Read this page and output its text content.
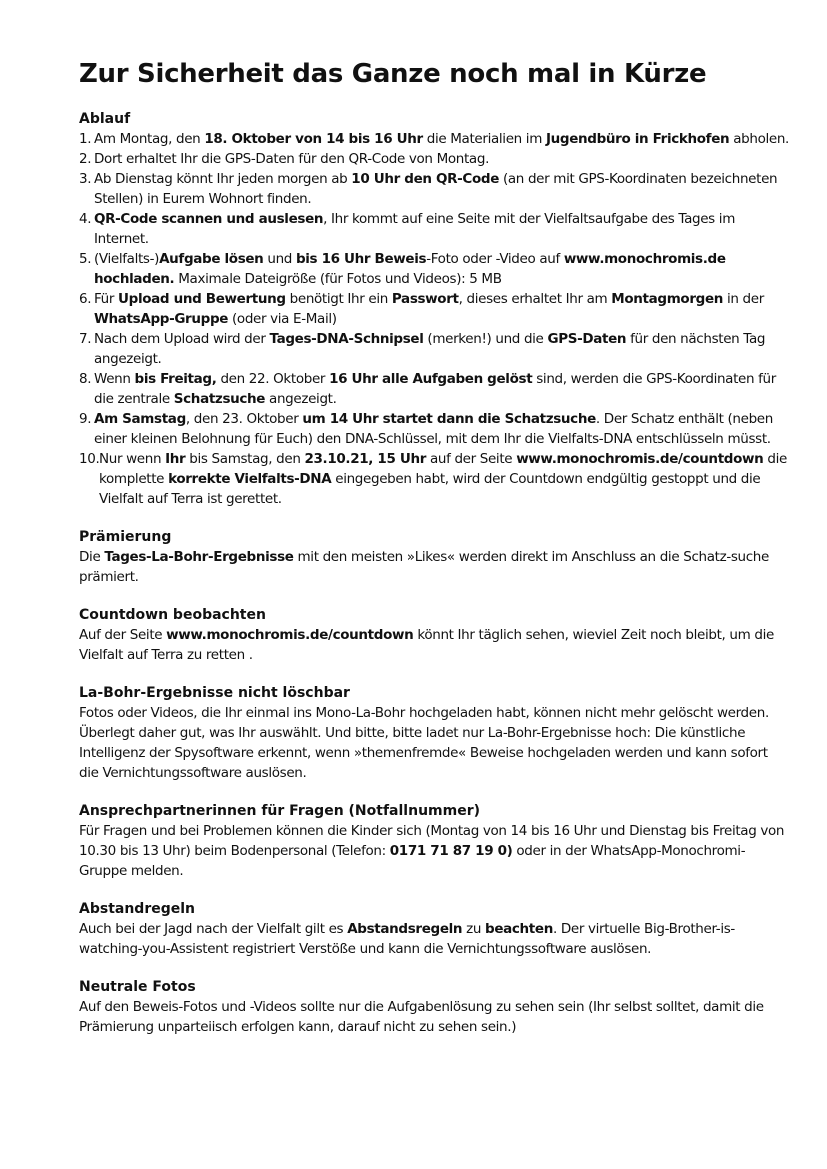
Zur Sicherheit das Ganze noch mal in Kürze
Ablauf
1. Am Montag, den 18. Oktober von 14 bis 16 Uhr die Materialien im Jugendbüro in Frickhofen abholen.
2. Dort erhaltet Ihr die GPS-Daten für den QR-Code von Montag.
3. Ab Dienstag könnt Ihr jeden morgen ab 10 Uhr den QR-Code (an der mit GPS-Koordinaten bezeichneten Stellen) in Eurem Wohnort finden.
4. QR-Code scannen und auslesen, Ihr kommt auf eine Seite mit der Vielfaltsaufgabe des Tages im Internet.
5. (Vielfalts-)Aufgabe lösen und bis 16 Uhr Beweis-Foto oder -Video auf www.monochromis.de hochladen. Maximale Dateigröße (für Fotos und Videos): 5 MB
6. Für Upload und Bewertung benötigt Ihr ein Passwort, dieses erhaltet Ihr am Montagmorgen in der WhatsApp-Gruppe (oder via E-Mail)
7. Nach dem Upload wird der Tages-DNA-Schnipsel (merken!) und die GPS-Daten für den nächsten Tag angezeigt.
8. Wenn bis Freitag, den 22. Oktober 16 Uhr alle Aufgaben gelöst sind, werden die GPS-Koordinaten für die zentrale Schatzsuche angezeigt.
9. Am Samstag, den 23. Oktober um 14 Uhr startet dann die Schatzsuche. Der Schatz enthält (neben einer kleinen Belohnung für Euch) den DNA-Schlüssel, mit dem Ihr die Vielfalts-DNA entschlüsseln müsst.
10. Nur wenn Ihr bis Samstag, den 23.10.21, 15 Uhr auf der Seite www.monochromis.de/countdown die komplette korrekte Vielfalts-DNA eingegeben habt, wird der Countdown endgültig gestoppt und die Vielfalt auf Terra ist gerettet.
Prämierung

Die Tages-La-Bohr-Ergebnisse mit den meisten »Likes« werden direkt im Anschluss an die Schatz-suche prämiert.

Countdown beobachten

Auf der Seite www.monochromis.de/countdown könnt Ihr täglich sehen, wieviel Zeit noch bleibt, um die Vielfalt auf Terra zu retten .

La-Bohr-Ergebnisse nicht löschbar

Fotos oder Videos, die Ihr einmal ins Mono-La-Bohr hochgeladen habt, können nicht mehr gelöscht werden. Überlegt daher gut, was Ihr auswählt. Und bitte, bitte ladet nur La-Bohr-Ergebnisse hoch: Die künstliche Intelligenz der Spysoftware erkennt, wenn »themenfremde« Beweise hochgeladen werden und kann sofort die Vernichtungssoftware auslösen.

Ansprechpartnerinnen für Fragen (Notfallnummer)

Für Fragen und bei Problemen können die Kinder sich (Montag von 14 bis 16 Uhr und Dienstag bis Freitag von 10.30 bis 13 Uhr) beim Bodenpersonal (Telefon: 0171 71 87 19 0) oder in der WhatsApp-Monochromi-Gruppe melden.

Abstandregeln

Auch bei der Jagd nach der Vielfalt gilt es Abstandsregeln zu beachten. Der virtuelle Big-Brother-is-watching-you-Assistent registriert Verstöße und kann die Vernichtungssoftware auslösen.

Neutrale Fotos

Auf den Beweis-Fotos und -Videos sollte nur die Aufgabenlösung zu sehen sein (Ihr selbst solltet, damit die Prämierung unparteiisch erfolgen kann, darauf nicht zu sehen sein.)
